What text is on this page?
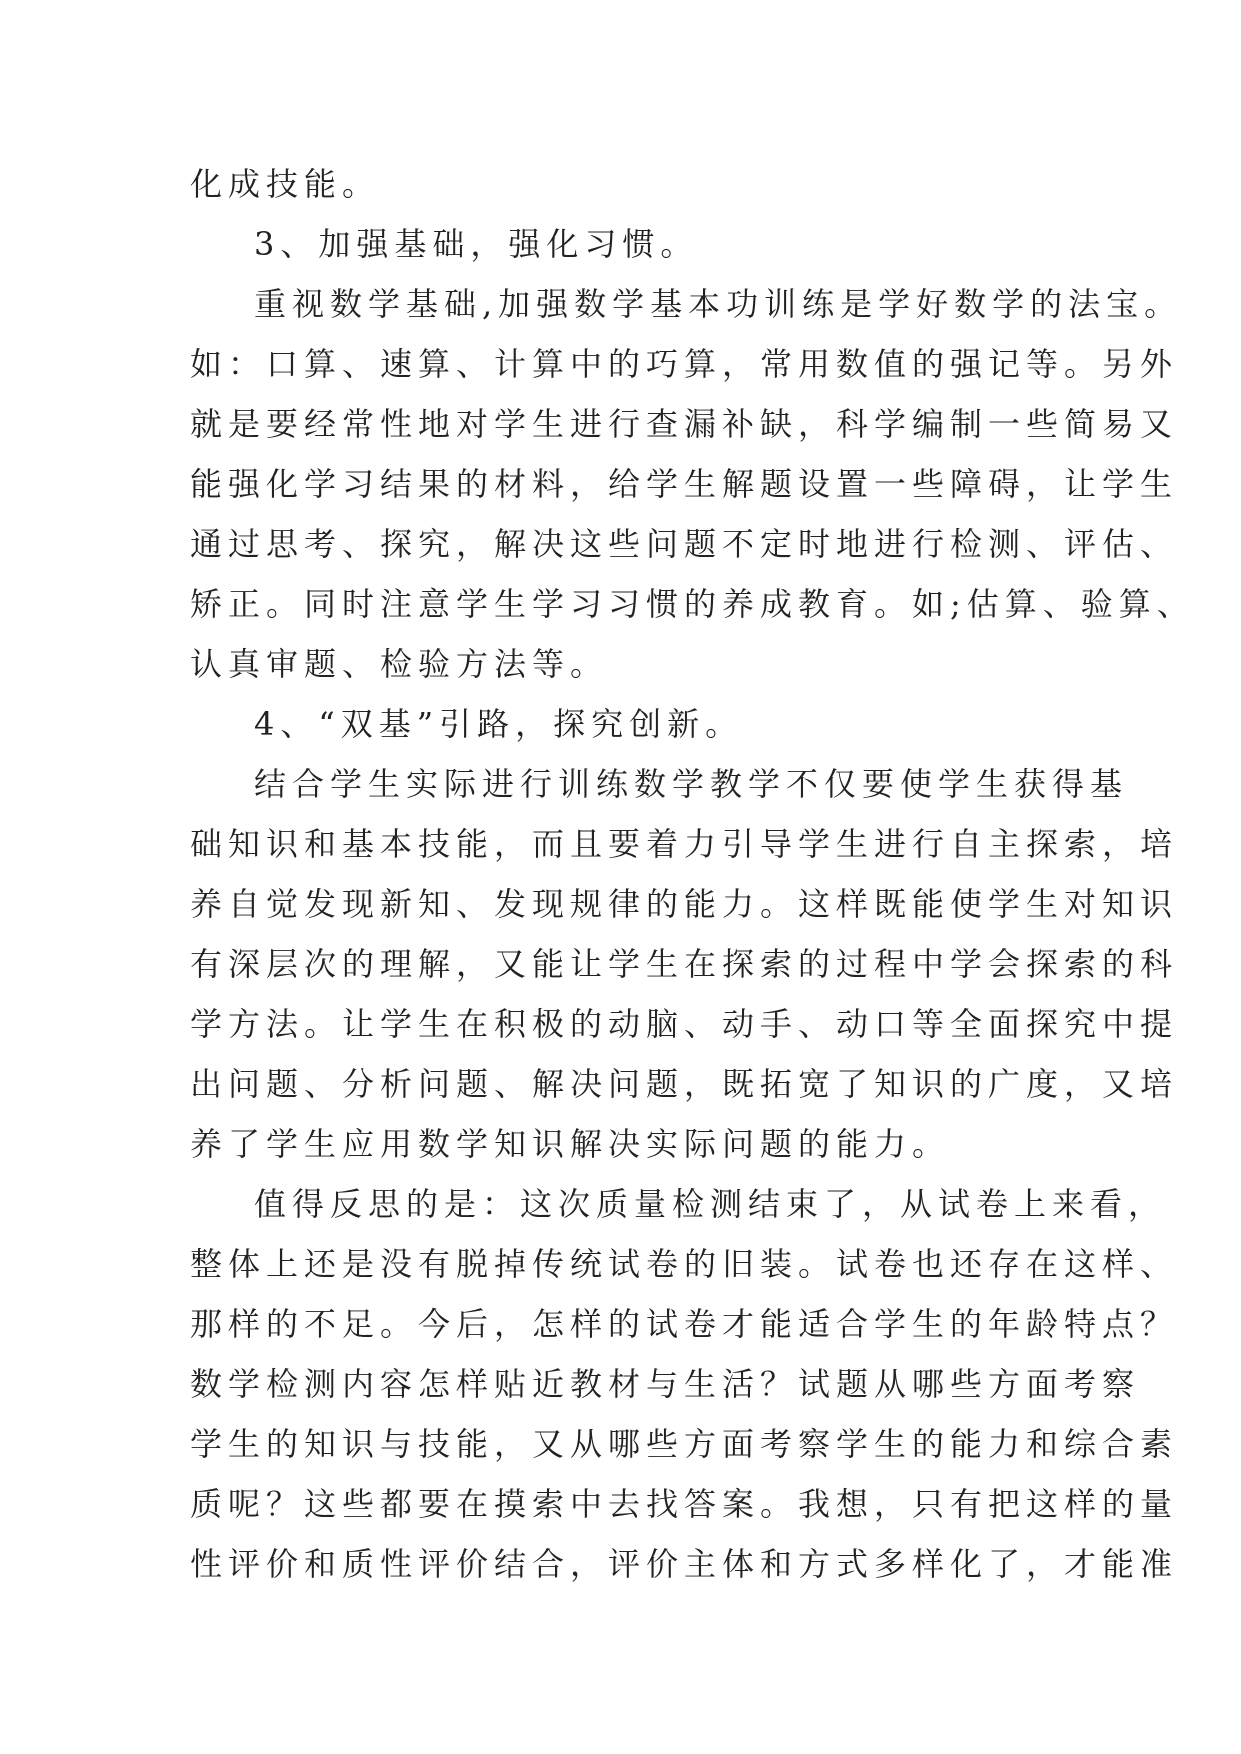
化成技能。
3、加强基础，强化习惯。
重视数学基础,加强数学基本功训练是学好数学的法宝。
如：口算、速算、计算中的巧算，常用数值的强记等。另外
就是要经常性地对学生进行查漏补缺，科学编制一些简易又
能强化学习结果的材料，给学生解题设置一些障碍，让学生
通过思考、探究，解决这些问题不定时地进行检测、评估、
矫正。同时注意学生学习习惯的养成教育。如;估算、验算、
认真审题、检验方法等。
4、“双基”引路，探究创新。
结合学生实际进行训练数学教学不仅要使学生获得基
础知识和基本技能，而且要着力引导学生进行自主探索，培
养自觉发现新知、发现规律的能力。这样既能使学生对知识
有深层次的理解，又能让学生在探索的过程中学会探索的科
学方法。让学生在积极的动脑、动手、动口等全面探究中提
出问题、分析问题、解决问题，既拓宽了知识的广度，又培
养了学生应用数学知识解决实际问题的能力。
值得反思的是：这次质量检测结束了，从试卷上来看，
整体上还是没有脱掉传统试卷的旧装。试卷也还存在这样、
那样的不足。今后，怎样的试卷才能适合学生的年龄特点？
数学检测内容怎样贴近教材与生活？试题从哪些方面考察
学生的知识与技能，又从哪些方面考察学生的能力和综合素
质呢？这些都要在摸索中去找答案。我想，只有把这样的量
性评价和质性评价结合，评价主体和方式多样化了，才能准
